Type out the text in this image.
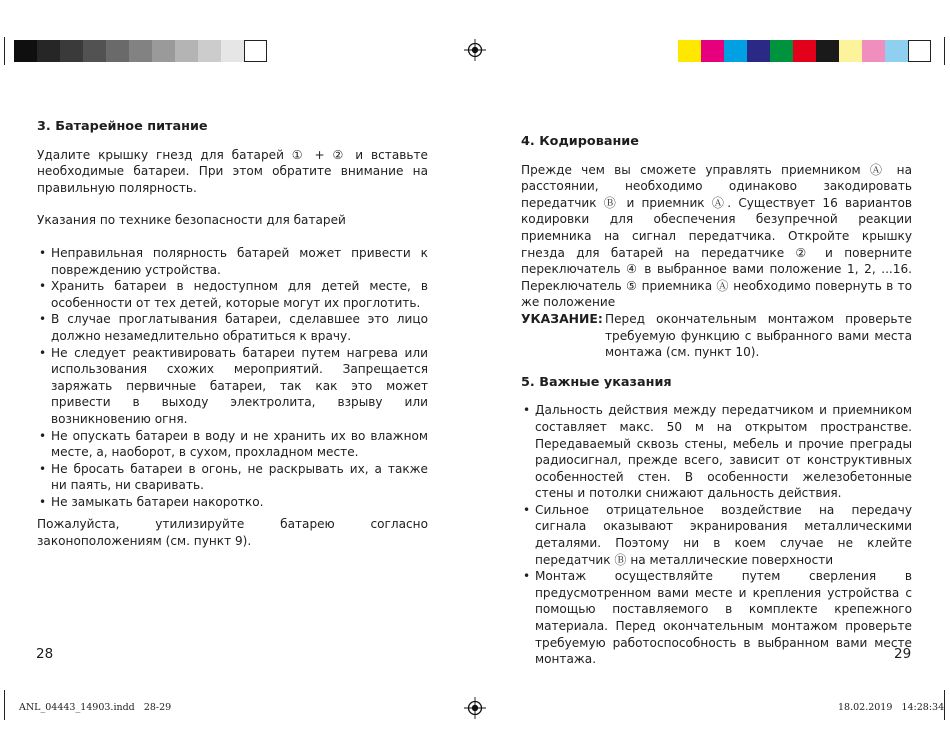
3. Батарейное питание

Удалите крышку гнезд для батарей ① + ② и вставьте необходимые батареи. При этом обратите внимание на правильную полярность.

Указания по технике безопасности для батарей

• Неправильная полярность батарей может привести к повреждению устройства.
• Хранить батареи в недоступном для детей месте, в особенности от тех детей, которые могут их проглотить.
• В случае проглатывания батареи, сделавшее это лицо должно незамедлительно обратиться к врачу.
• Не следует реактивировать батареи путем нагрева или использования схожих мероприятий. Запрещается заряжать первичные батареи, так как это может привести в выходу электролита, взрыву или возникновению огня.
• Не опускать батареи в воду и не хранить их во влажном месте, а, наоборот, в сухом, прохладном месте.
• Не бросать батареи в огонь, не раскрывать их, а также ни паять, ни сваривать.
• Не замыкать батареи накоротко.

Пожалуйста, утилизируйте батарею согласно законоположениям (см. пункт 9).

28

4. Кодирование

Прежде чем вы сможете управлять приемником Ⓐ на расстоянии, необходимо одинаково закодировать передатчик Ⓑ и приемник Ⓐ. Существует 16 вариантов кодировки для обеспечения безупречной реакции приемника на сигнал передатчика. Откройте крышку гнезда для батарей на передатчике ② и поверните переключатель ④ в выбранное вами положение 1, 2, ...16. Переключатель ⑤ приемника Ⓐ необходимо повернуть в то же положение

УКАЗАНИЕ: Перед окончательным монтажом проверьте требуемую функцию с выбранного вами места монтажа (см. пункт 10).

5. Важные указания

• Дальность действия между передатчиком и приемником составляет макс. 50 м на открытом пространстве. Передаваемый сквозь стены, мебель и прочие преграды радиосигнал, прежде всего, зависит от конструктивных особенностей стен. В особенности железобетонные стены и потолки снижают дальность действия.
• Сильное отрицательное воздействие на передачу сигнала оказывают экранирования металлическими деталями. Поэтому ни в коем случае не клейте передатчик Ⓑ на металлические поверхности
• Монтаж осуществляйте путем сверления в предусмотренном вами месте и крепления устройства с помощью поставляемого в комплекте крепежного материала. Перед окончательным монтажом проверьте требуемую работоспособность в выбранном вами месте монтажа.	29
ANL_04443_14903.indd   28-29	18.02.2019   14:28:34
